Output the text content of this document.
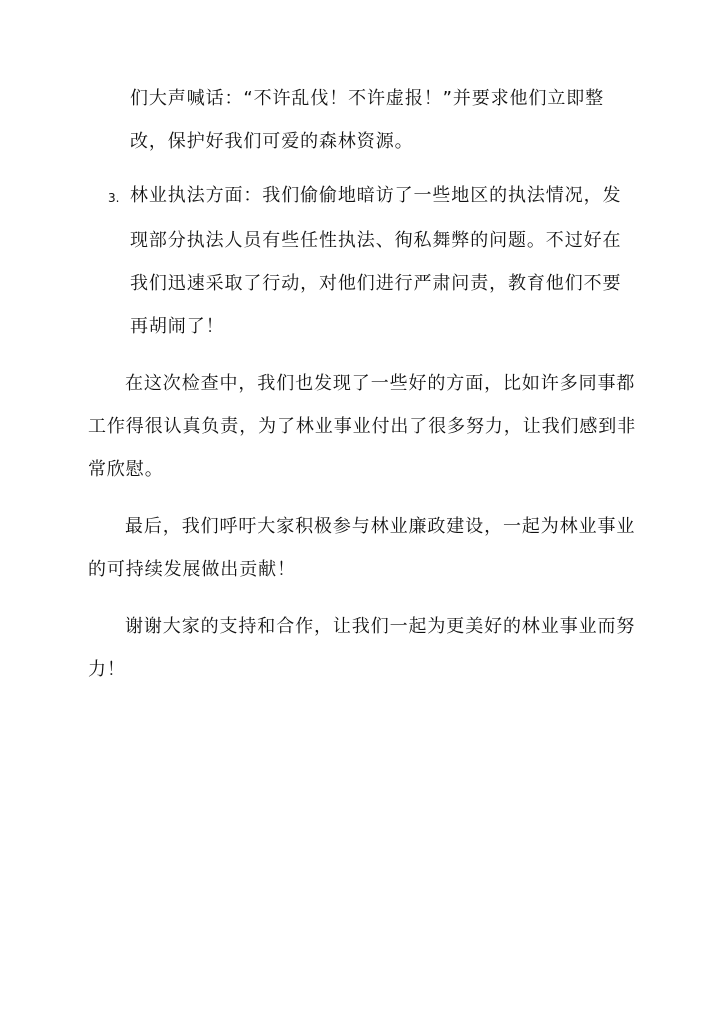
们大声喊话：“不许乱伐！不许虚报！”并要求他们立即整
改，保护好我们可爱的森林资源。
3. 林业执法方面：我们偷偷地暗访了一些地区的执法情况，发
现部分执法人员有些任性执法、徇私舞弊的问题。不过好在
我们迅速采取了行动，对他们进行严肃问责，教育他们不要
再胡闹了！
在这次检查中，我们也发现了一些好的方面，比如许多同事都
工作得很认真负责，为了林业事业付出了很多努力，让我们感到非
常欣慰。
最后，我们呼吁大家积极参与林业廉政建设，一起为林业事业
的可持续发展做出贡献！
谢谢大家的支持和合作，让我们一起为更美好的林业事业而努
力！
